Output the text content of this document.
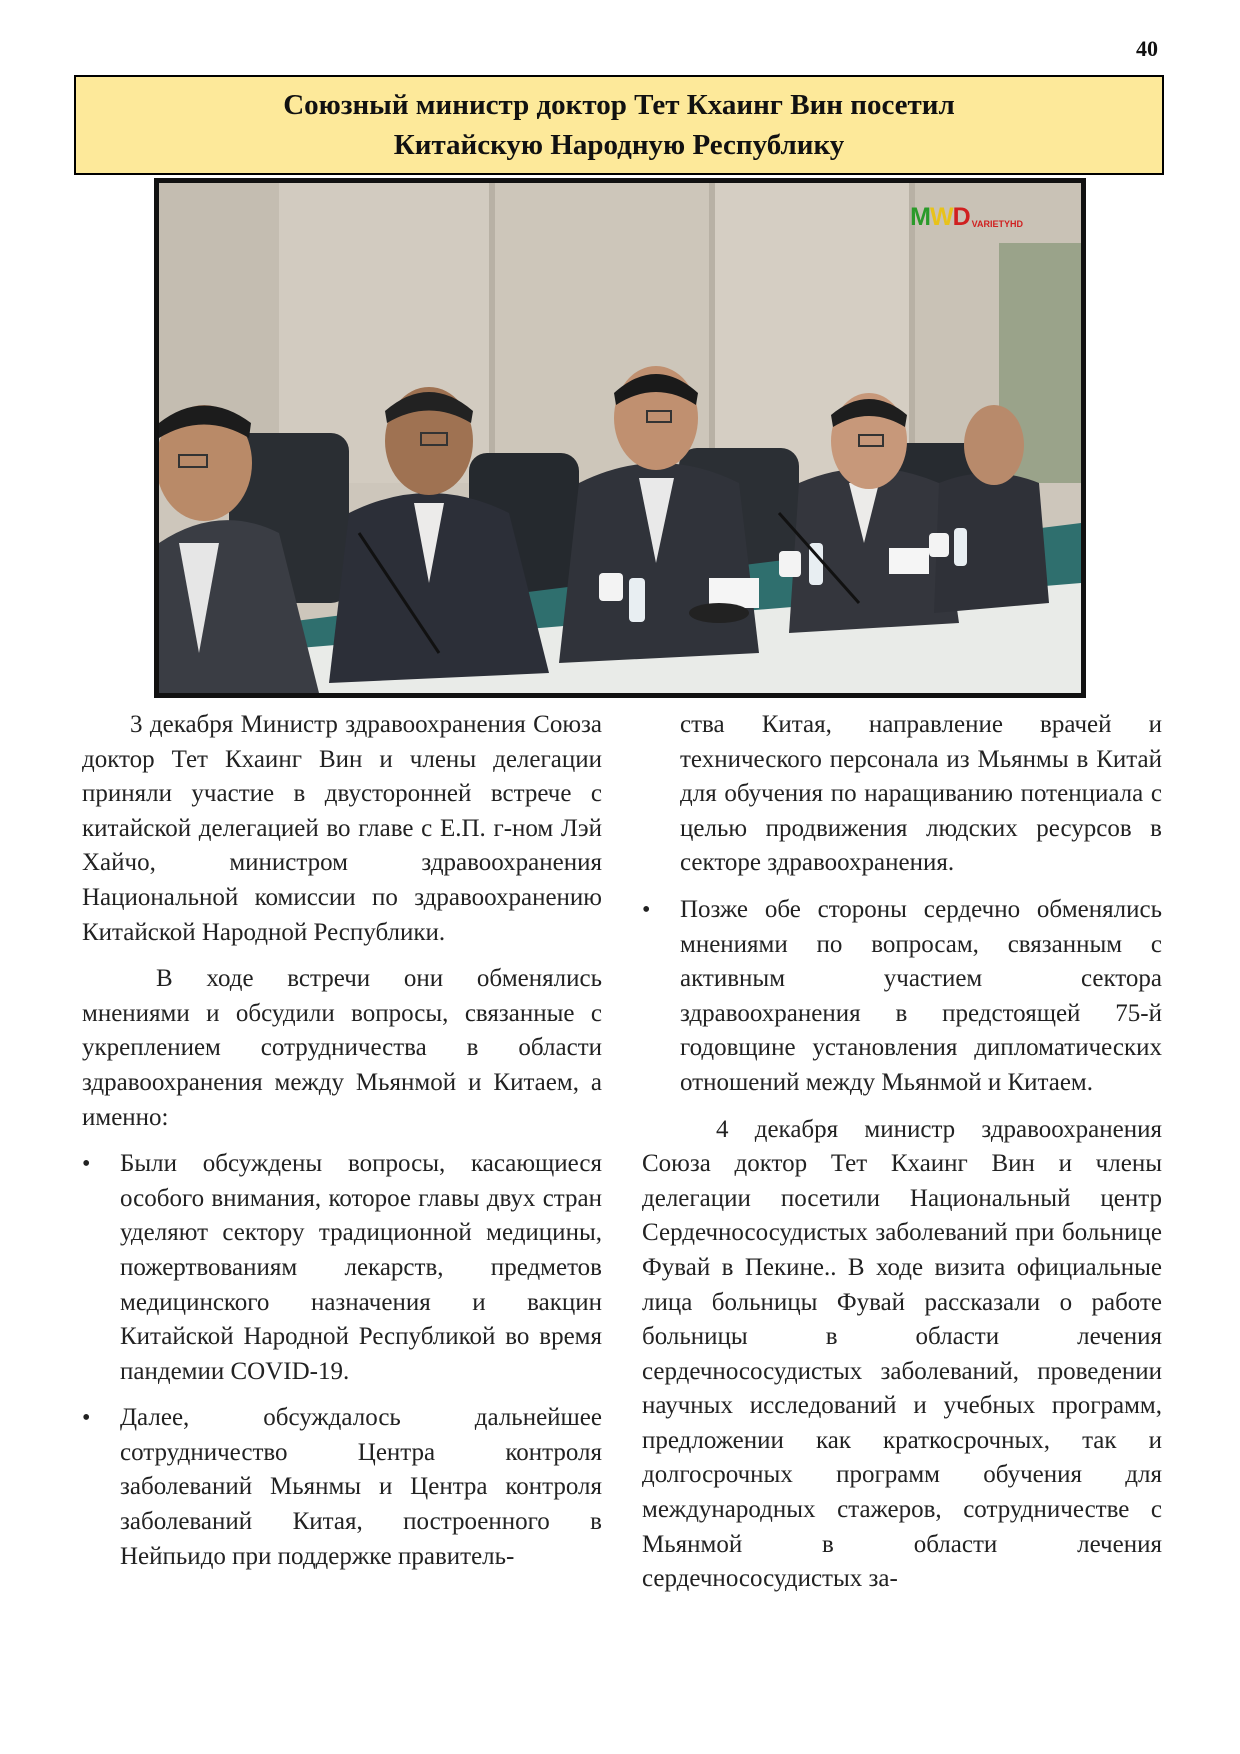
40
Союзный министр доктор Тет Кхаинг Вин посетил
Китайскую Народную Республику
M W D VARIETYHD

3 декабря Министр здравоохранения Союза доктор Тет Кхаинг Вин и члены делегации приняли участие в двусторонней встрече с китайской делегацией во главе с Е.П. г-ном Лэй Хайчо, министром здравоохранения Национальной комиссии по здравоохранению Китайской Народной Республики.

В ходе встречи они обменялись мнениями и обсудили вопросы, связанные с укреплением сотрудничества в области здравоохранения между Мьянмой и Китаем, а именно:

• Были обсуждены вопросы, касающиеся особого внимания, которое главы двух стран уделяют сектору традиционной медицины, пожертвованиям лекарств, предметов медицинского назначения и вакцин Китайской Народной Республикой во время пандемии COVID-19.
• Далее, обсуждалось дальнейшее сотрудничество Центра контроля заболеваний Мьянмы и Центра контроля заболеваний Китая, построенного в Нейпьидо при поддержке правитель-

ства Китая, направление врачей и технического персонала из Мьянмы в Китай для обучения по наращиванию потенциала с целью продвижения людских ресурсов в секторе здравоохранения.

• Позже обе стороны сердечно обменялись мнениями по вопросам, связанным с активным участием сектора здравоохранения в предстоящей 75-й годовщине установления дипломатических отношений между Мьянмой и Китаем.

4 декабря министр здравоохранения Союза доктор Тет Кхаинг Вин и члены делегации посетили Национальный центр Сердечнососудистых заболеваний при больнице Фувай в Пекине.. В ходе визита официальные лица больницы Фувай рассказали о работе больницы в области лечения сердечнососудистых заболеваний, проведении научных исследований и учебных программ, предложении как краткосрочных, так и долгосрочных программ обучения для международных стажеров, сотрудничестве с Мьянмой в области лечения сердечнососудистых за-
